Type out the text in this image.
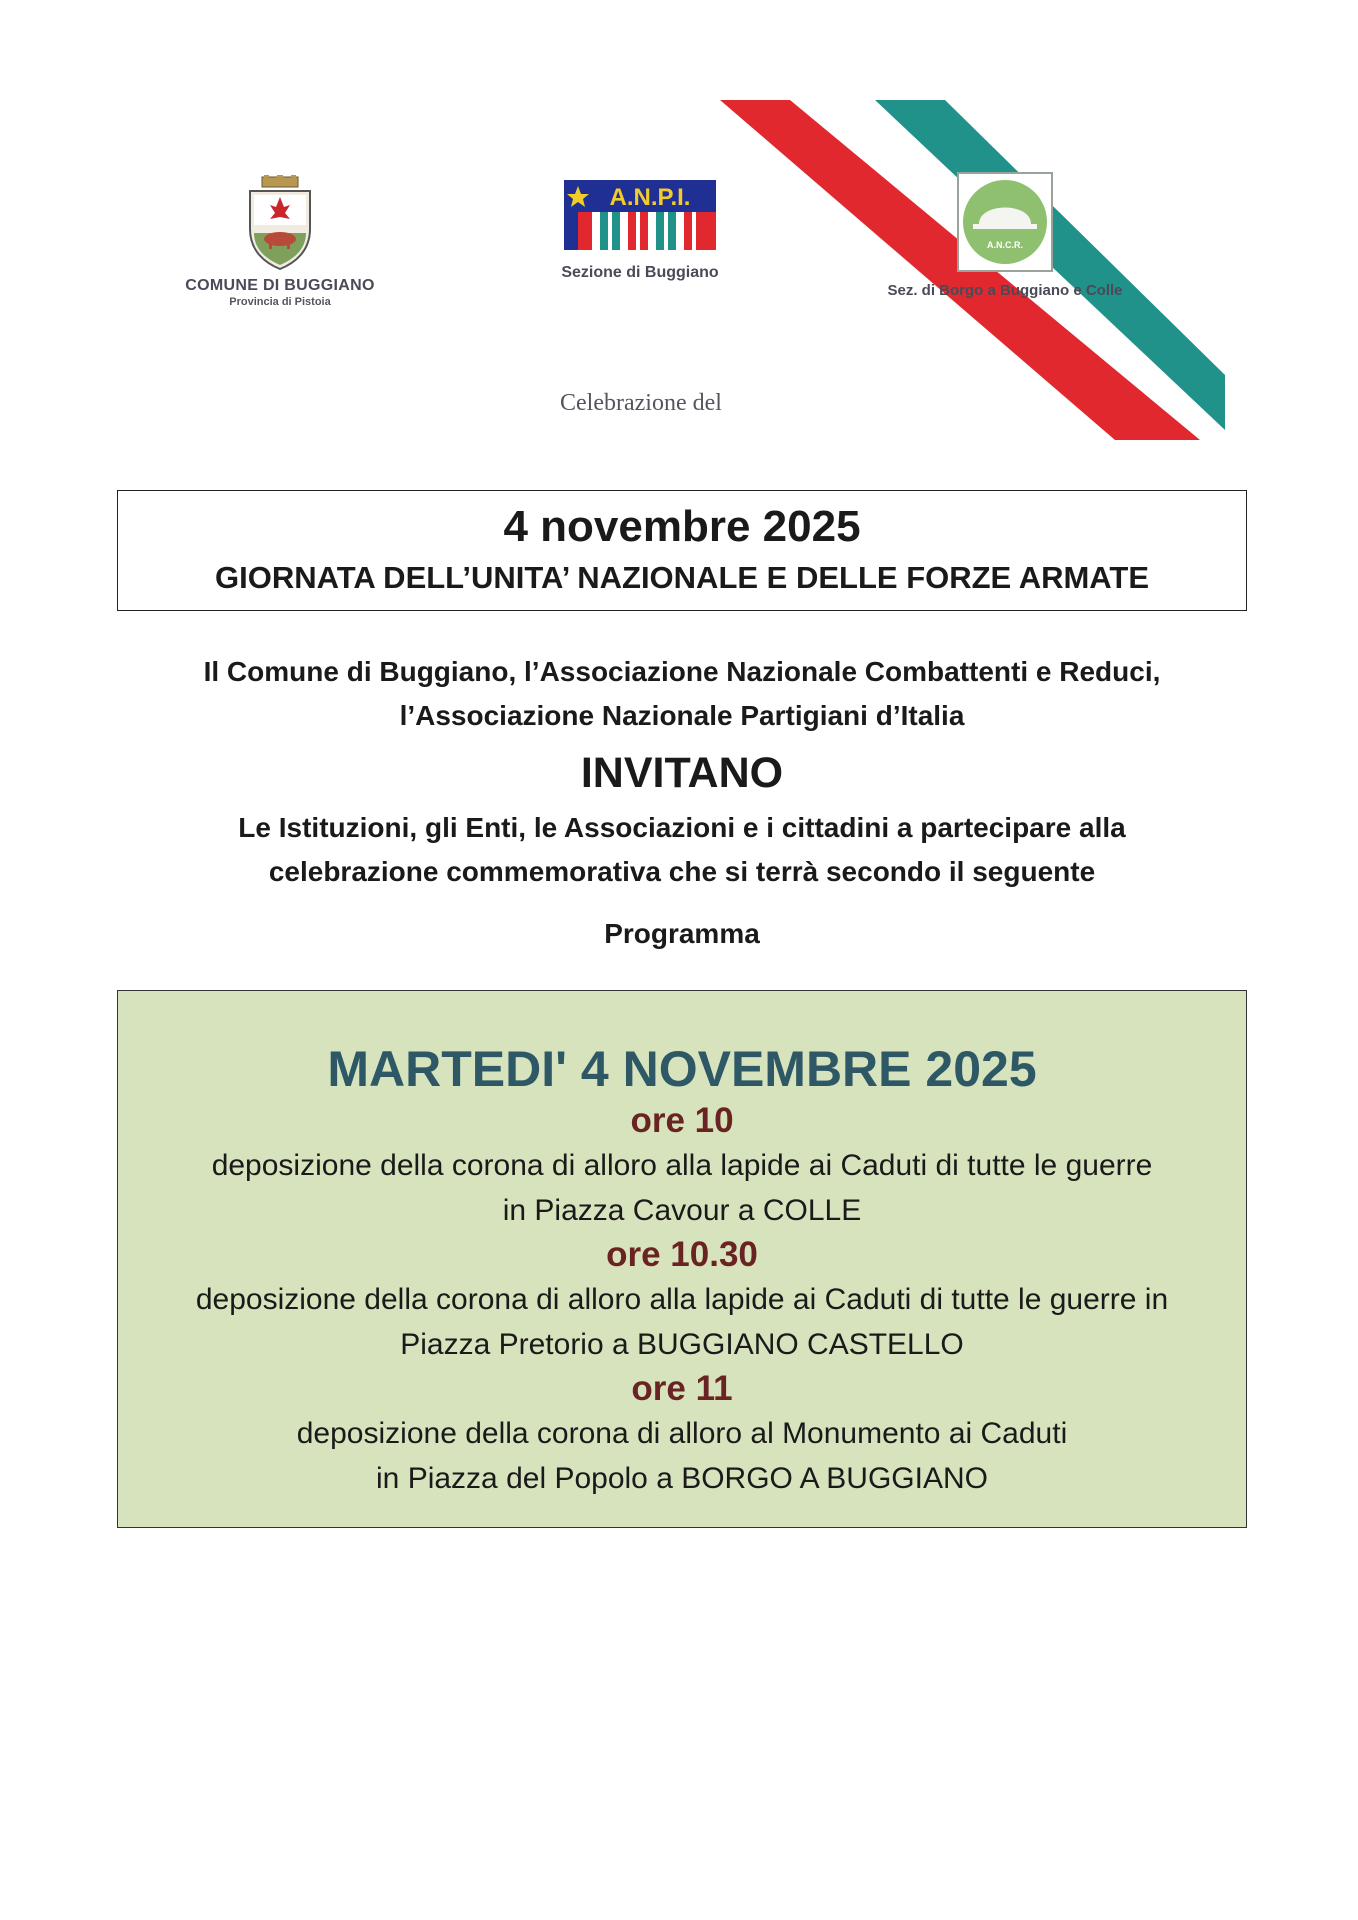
COMUNE DI BUGGIANO
Provincia di Pistoia
A.N.P.I.
Sezione di Buggiano
A.N.C.R.
Sez. di Borgo a Buggiano e Colle
Celebrazione del
4 novembre 2025
GIORNATA DELL’UNITA’ NAZIONALE E DELLE FORZE ARMATE
Il Comune di Buggiano, l’Associazione Nazionale Combattenti e Reduci,
l’Associazione Nazionale Partigiani d’Italia
INVITANO
Le Istituzioni, gli Enti, le Associazioni e i cittadini a partecipare alla
celebrazione commemorativa che si terrà secondo il seguente
Programma
MARTEDI' 4 NOVEMBRE 2025
ore 10
deposizione della corona di alloro alla lapide ai Caduti di tutte le guerre
in Piazza Cavour a COLLE
ore 10.30
deposizione della corona di alloro alla lapide ai Caduti di tutte le guerre in
Piazza Pretorio a BUGGIANO CASTELLO
ore 11
deposizione della corona di alloro al Monumento ai Caduti
in Piazza del Popolo a BORGO A BUGGIANO
